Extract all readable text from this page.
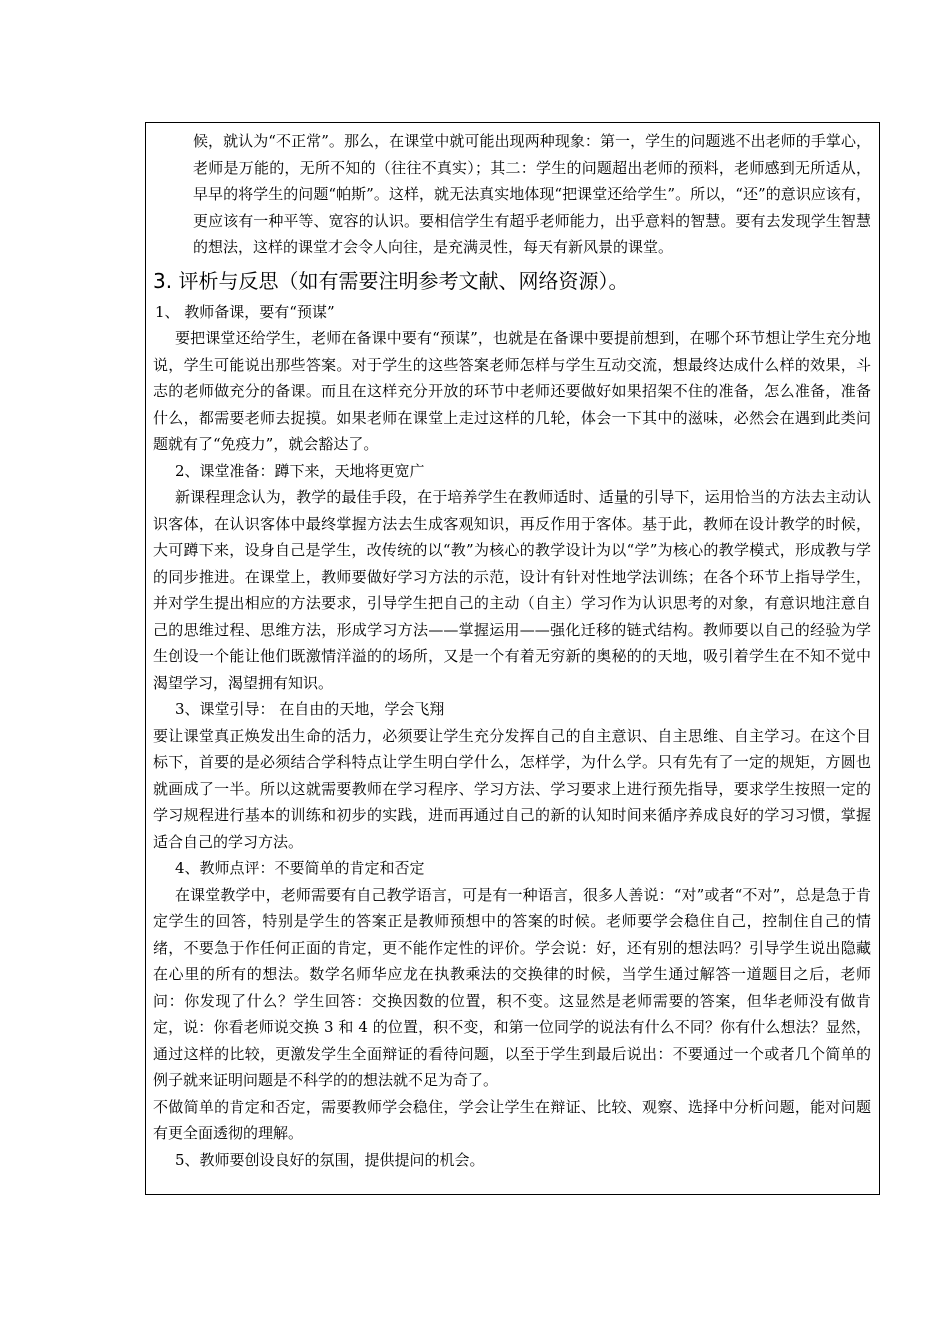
候，就认为“不正常”。那么，在课堂中就可能出现两种现象：第一，学生的问题逃不出老师的手掌心，老师是万能的，无所不知的（往往不真实）；其二：学生的问题超出老师的预料，老师感到无所适从，早早的将学生的问题“帕斯”。这样，就无法真实地体现“把课堂还给学生”。所以，“还”的意识应该有，更应该有一种平等、宽容的认识。要相信学生有超乎老师能力，出乎意料的智慧。要有去发现学生智慧的想法，这样的课堂才会令人向往，是充满灵性，每天有新风景的课堂。

3. 评析与反思（如有需要注明参考文献、网络资源）。

1、 教师备课，要有“预谋”

要把课堂还给学生，老师在备课中要有“预谋”，也就是在备课中要提前想到，在哪个环节想让学生充分地说，学生可能说出那些答案。对于学生的这些答案老师怎样与学生互动交流，想最终达成什么样的效果，斗志的老师做充分的备课。而且在这样充分开放的环节中老师还要做好如果招架不住的准备，怎么准备，准备什么，都需要老师去捉摸。如果老师在课堂上走过这样的几轮，体会一下其中的滋味，必然会在遇到此类问题就有了“免疫力”，就会豁达了。

2、课堂准备：蹲下来，天地将更宽广

新课程理念认为，教学的最佳手段，在于培养学生在教师适时、适量的引导下，运用恰当的方法去主动认识客体，在认识客体中最终掌握方法去生成客观知识，再反作用于客体。基于此，教师在设计教学的时候，大可蹲下来，设身自己是学生，改传统的以“教”为核心的教学设计为以“学”为核心的教学模式，形成教与学的同步推进。在课堂上，教师要做好学习方法的示范，设计有针对性地学法训练；在各个环节上指导学生，并对学生提出相应的方法要求，引导学生把自己的主动（自主）学习作为认识思考的对象，有意识地注意自己的思维过程、思维方法，形成学习方法——掌握运用——强化迁移的链式结构。教师要以自己的经验为学生创设一个能让他们既激情洋溢的的场所，又是一个有着无穷新的奥秘的的天地，吸引着学生在不知不觉中渴望学习，渴望拥有知识。

3、课堂引导： 在自由的天地，学会飞翔

要让课堂真正焕发出生命的活力，必须要让学生充分发挥自己的自主意识、自主思维、自主学习。在这个目标下，首要的是必须结合学科特点让学生明白学什么，怎样学，为什么学。只有先有了一定的规矩，方圆也就画成了一半。所以这就需要教师在学习程序、学习方法、学习要求上进行预先指导，要求学生按照一定的学习规程进行基本的训练和初步的实践，进而再通过自己的新的认知时间来循序养成良好的学习习惯，掌握适合自己的学习方法。

4、教师点评：不要简单的肯定和否定

在课堂教学中，老师需要有自己教学语言，可是有一种语言，很多人善说：“对”或者“不对”，总是急于肯定学生的回答，特别是学生的答案正是教师预想中的答案的时候。老师要学会稳住自己，控制住自己的情绪，不要急于作任何正面的肯定，更不能作定性的评价。学会说：好，还有别的想法吗？引导学生说出隐藏在心里的所有的想法。数学名师华应龙在执教乘法的交换律的时候，当学生通过解答一道题目之后，老师问：你发现了什么？学生回答：交换因数的位置，积不变。这显然是老师需要的答案，但华老师没有做肯定，说：你看老师说交换 3 和 4 的位置，积不变，和第一位同学的说法有什么不同？你有什么想法？显然，通过这样的比较，更激发学生全面辩证的看待问题，以至于学生到最后说出：不要通过一个或者几个简单的例子就来证明问题是不科学的的想法就不足为奇了。

不做简单的肯定和否定，需要教师学会稳住，学会让学生在辩证、比较、观察、选择中分析问题，能对问题有更全面透彻的理解。

5、教师要创设良好的氛围，提供提问的机会。
